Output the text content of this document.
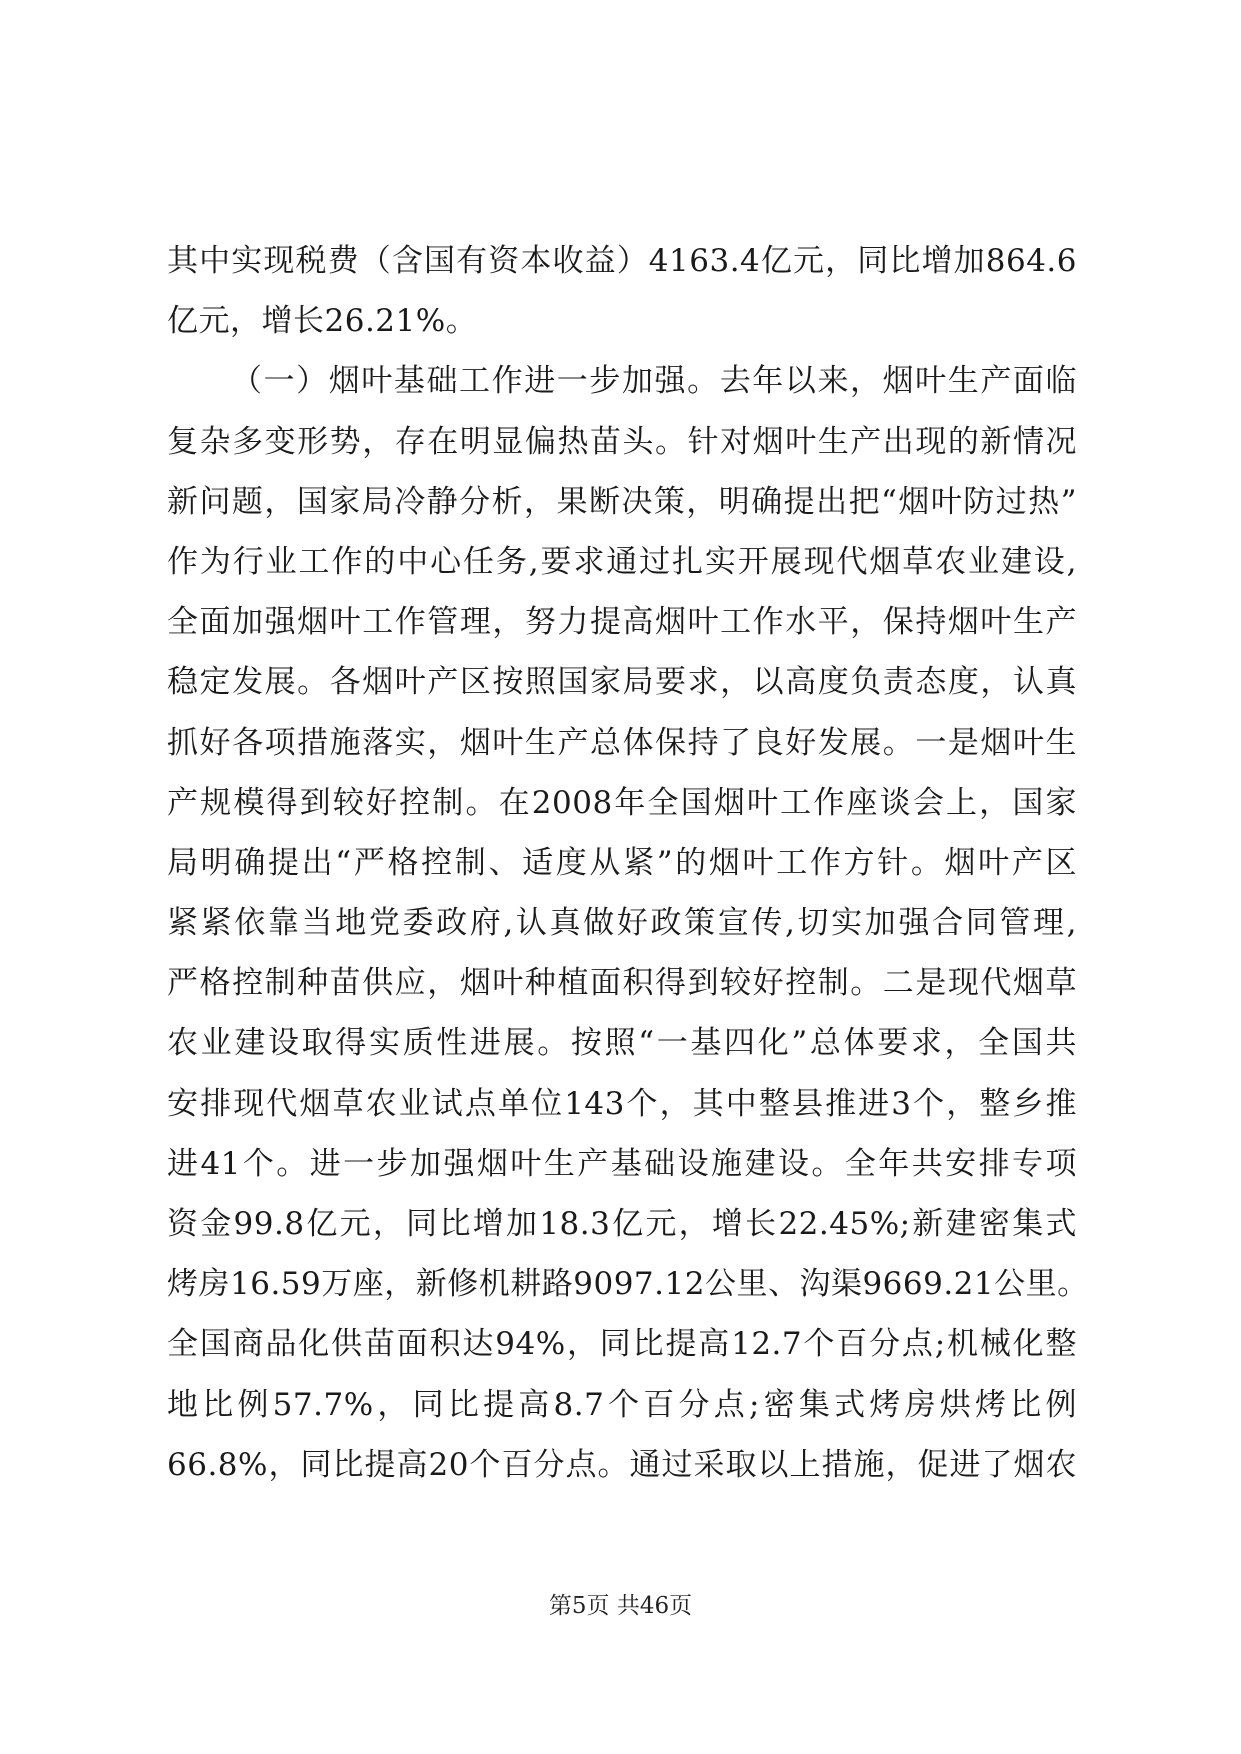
其中实现税费（含国有资本收益）4163.4亿元，同比增加864.6
亿元，增长26.21%。
（一）烟叶基础工作进一步加强。去年以来，烟叶生产面临
复杂多变形势，存在明显偏热苗头。针对烟叶生产出现的新情况
新问题，国家局冷静分析，果断决策，明确提出把“烟叶防过热”
作为行业工作的中心任务,要求通过扎实开展现代烟草农业建设,
全面加强烟叶工作管理，努力提高烟叶工作水平，保持烟叶生产
稳定发展。各烟叶产区按照国家局要求，以高度负责态度，认真
抓好各项措施落实，烟叶生产总体保持了良好发展。一是烟叶生
产规模得到较好控制。在2008年全国烟叶工作座谈会上，国家
局明确提出“严格控制、适度从紧”的烟叶工作方针。烟叶产区
紧紧依靠当地党委政府,认真做好政策宣传,切实加强合同管理,
严格控制种苗供应，烟叶种植面积得到较好控制。二是现代烟草
农业建设取得实质性进展。按照“一基四化”总体要求，全国共
安排现代烟草农业试点单位143个，其中整县推进3个，整乡推
进41个。进一步加强烟叶生产基础设施建设。全年共安排专项
资金99.8亿元，同比增加18.3亿元，增长22.45%;新建密集式
烤房16.59万座，新修机耕路9097.12公里、沟渠9669.21公里。
全国商品化供苗面积达94%，同比提高12.7个百分点;机械化整
地比例57.7%，同比提高8.7个百分点;密集式烤房烘烤比例
66.8%，同比提高20个百分点。通过采取以上措施，促进了烟农
第5页 共46页
